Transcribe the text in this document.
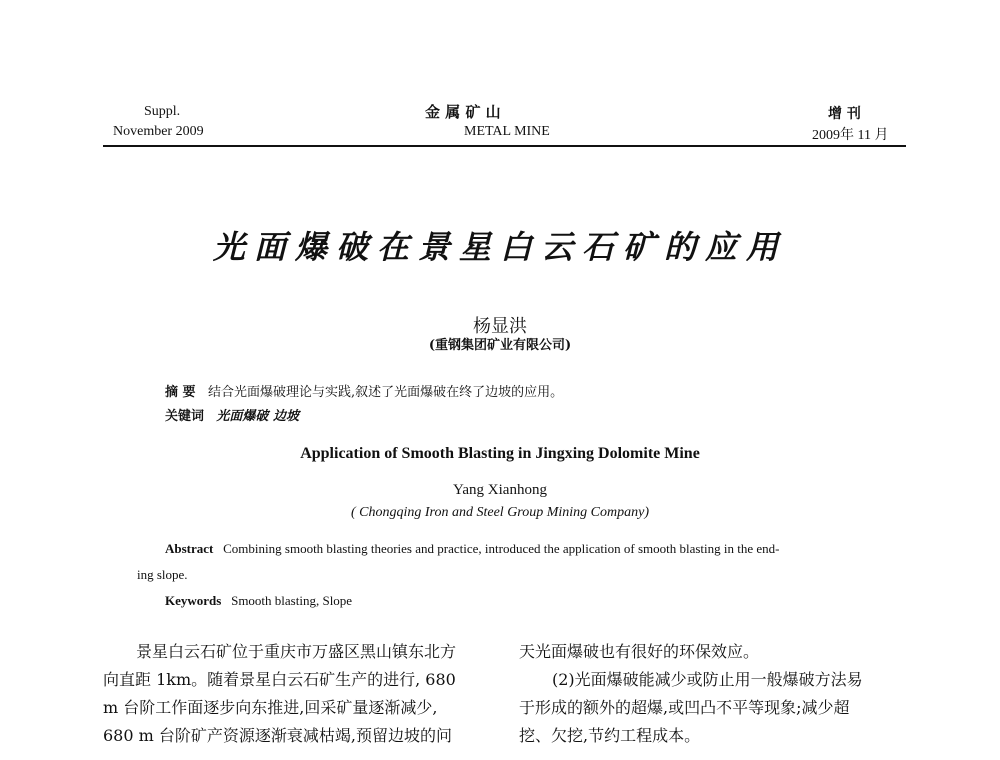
Suppl.
November 2009
金 属 矿 山
METAL MINE
增 刊
2009年 11 月
光面爆破在景星白云石矿的应用
杨显洪
(重钢集团矿业有限公司)
摘 要 结合光面爆破理论与实践,叙述了光面爆破在终了边坡的应用。
关键词 光面爆破 边坡
Application of Smooth Blasting in Jingxing Dolomite Mine
Yang Xianhong
( Chongqing Iron and Steel Group Mining Company)
Abstract Combining smooth blasting theories and practice, introduced the application of smooth blasting in the end-
ing slope.
Keywords Smooth blasting, Slope

景星白云石矿位于重庆市万盛区黑山镇东北方

向直距 1km。随着景星白云石矿生产的进行, 680

m 台阶工作面逐步向东推进,回采矿量逐渐减少,

680 m 台阶矿产资源逐渐衰减枯竭,预留边坡的问

天光面爆破也有很好的环保效应。

(2)光面爆破能减少或防止用一般爆破方法易

于形成的额外的超爆,或凹凸不平等现象;减少超

挖、欠挖,节约工程成本。
